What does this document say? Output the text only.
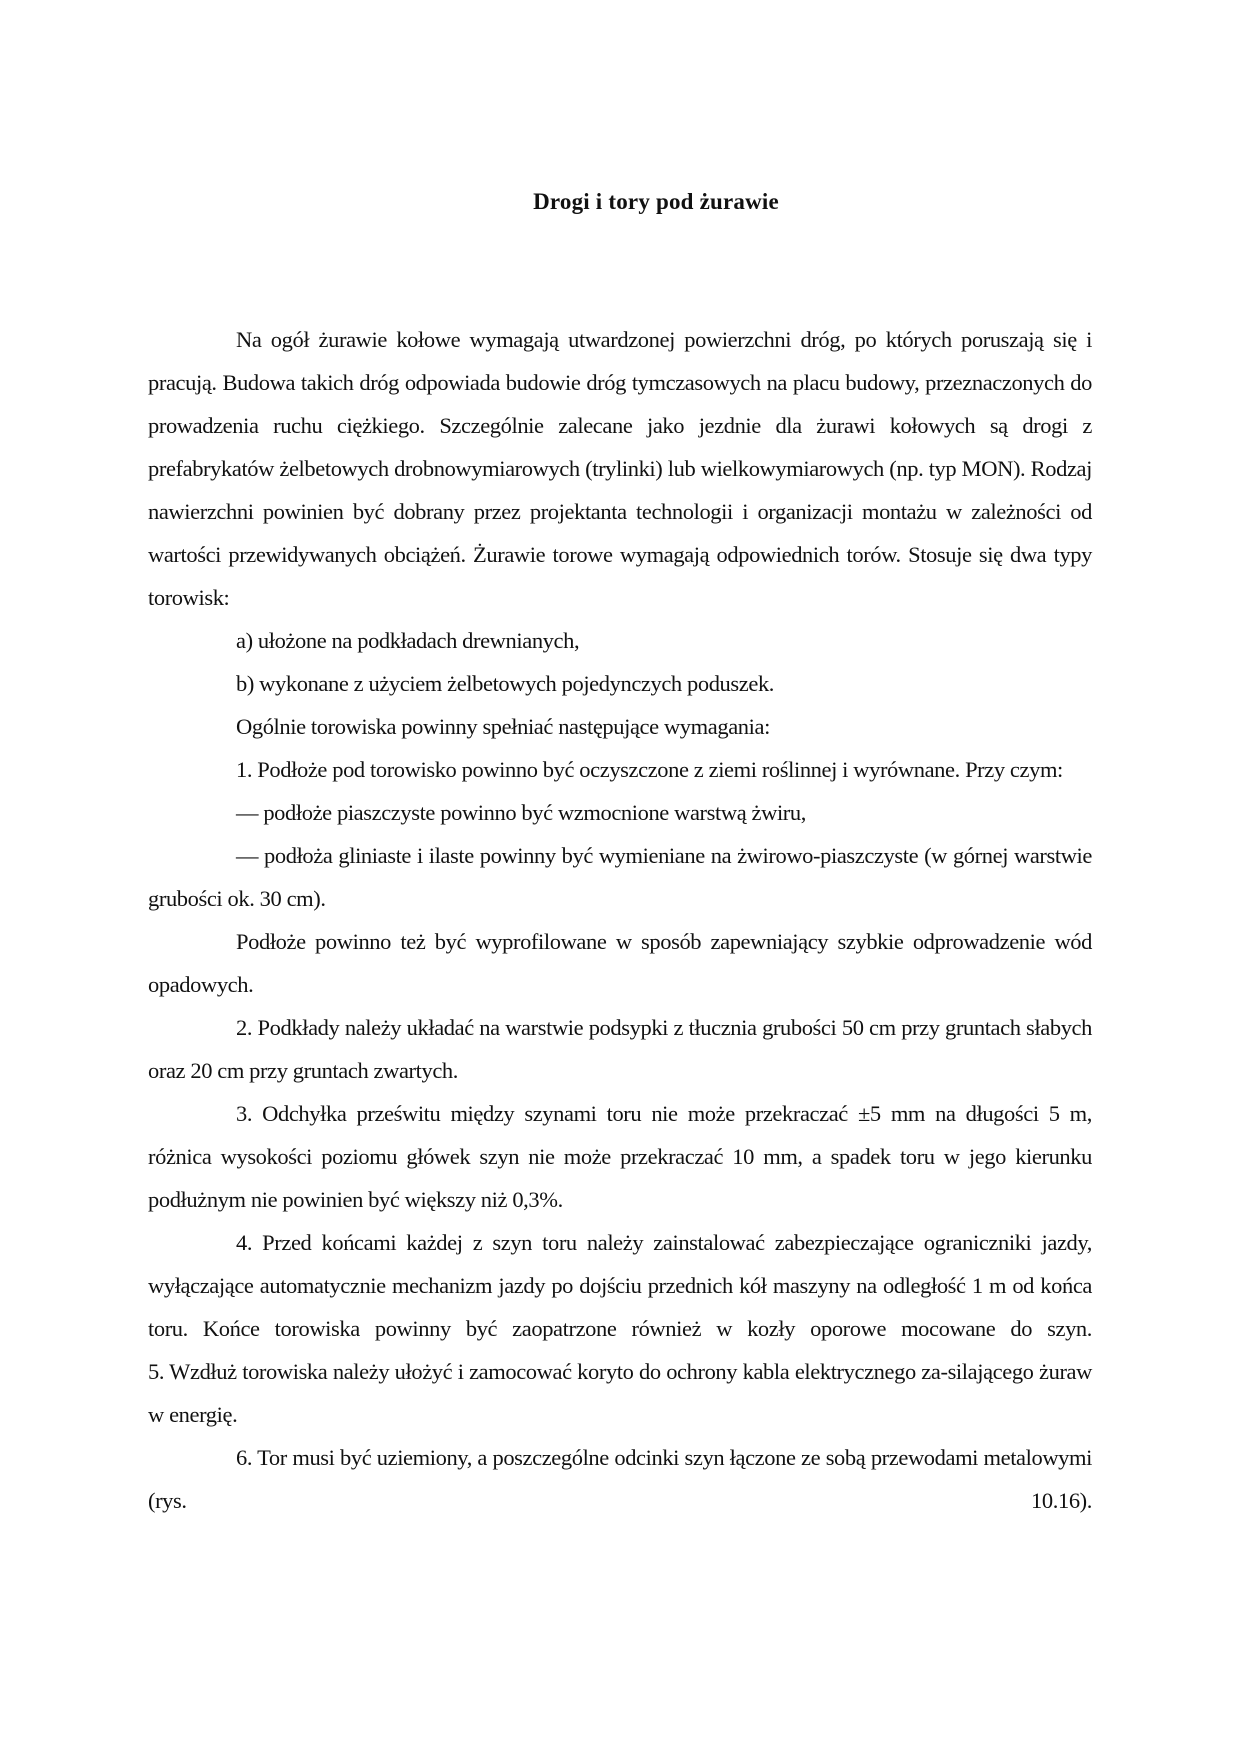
Drogi i tory pod żurawie

Na ogół żurawie kołowe wymagają utwardzonej powierzchni dróg, po których poruszają się i pracują. Budowa takich dróg odpowiada budowie dróg tymczasowych na placu budowy, przeznaczonych do prowadzenia ruchu ciężkiego. Szczególnie zalecane jako jezdnie dla żurawi kołowych są drogi z prefabrykatów żelbetowych drobnowymiarowych (trylinki) lub wielkowymiarowych (np. typ MON). Rodzaj nawierzchni powinien być dobrany przez projektanta technologii i organizacji montażu w zależności od wartości przewidywanych obciążeń. Żurawie torowe wymagają odpowiednich torów. Stosuje się dwa typy torowisk:

a) ułożone na podkładach drewnianych,

b) wykonane z użyciem żelbetowych pojedynczych poduszek.

Ogólnie torowiska powinny spełniać następujące wymagania:

1. Podłoże pod torowisko powinno być oczyszczone z ziemi roślinnej i wyrównane. Przy czym:

— podłoże piaszczyste powinno być wzmocnione warstwą żwiru,

— podłoża gliniaste i ilaste powinny być wymieniane na żwirowo-piaszczyste (w górnej warstwie grubości ok. 30 cm).

Podłoże powinno też być wyprofilowane w sposób zapewniający szybkie odprowadzenie wód opadowych.

2. Podkłady należy układać na warstwie podsypki z tłucznia grubości 50 cm przy gruntach słabych oraz 20 cm przy gruntach zwartych.

3. Odchyłka prześwitu między szynami toru nie może przekraczać ±5 mm na długości 5 m, różnica wysokości poziomu główek szyn nie może przekraczać 10 mm, a spadek toru w jego kierunku podłużnym nie powinien być większy niż 0,3%.

4. Przed końcami każdej z szyn toru należy zainstalować zabezpieczające ograniczniki jazdy, wyłączające automatycznie mechanizm jazdy po dojściu przednich kół maszyny na odległość 1 m od końca toru. Końce torowiska powinny być zaopatrzone również w kozły oporowe mocowane do szyn.

5. Wzdłuż torowiska należy ułożyć i zamocować koryto do ochrony kabla elektrycznego za-silającego żuraw w energię.

6. Tor musi być uziemiony, a poszczególne odcinki szyn łączone ze sobą przewodami metalowymi (rys. 10.16).
